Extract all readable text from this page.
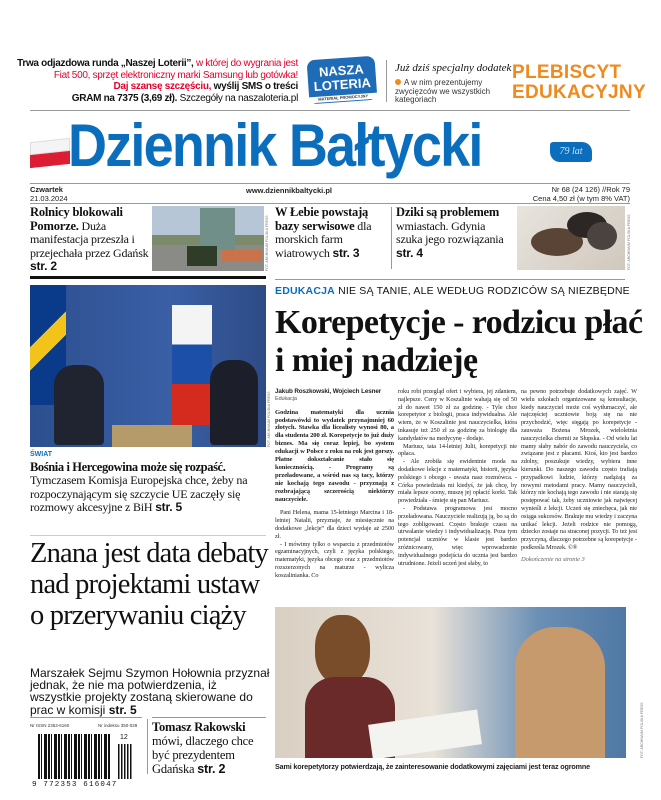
Trwa odjazdowa runda „Naszej Loterii”, w której do wygrania jest
Fiat 500, sprzęt elektroniczny marki Samsung lub gotówka!
Daj szansę szczęściu, wyślij SMS o treści
GRAM na 7375 (3,69 zł). Szczegóły na naszaloteria.pl
NASZA
LOTERIA
MATERIAŁ PROMOCYJNY
Już dziś specjalny dodatek
A w nim prezentujemy zwycięzców we wszystkich kategoriach
PLEBISCYT
EDUKACYJNY
Dziennik Bałtycki	79 lat
Czwartek
21.03.2024
www.dziennikbaltycki.pl	Nr 68 (24 126) //Rok 79
Cena 4,50 zł (w tym 8% VAT)
Rolnicy blokowali Pomorze. Duża manifestacja przeszła i przejechała przez Gdańsk str. 2	FOT. ARCHIWUM POLSKA PRESS
W Łebie powstają bazy serwisowe dla morskich farm wiatrowych str. 3
Dziki są problemem wmiastach. Gdynia szuka jego rozwiązania str. 4	FOT. ARCHIWUM POLSKA PRESS
FOT. ARCHIWUM POLSKA PRESS
ŚWIAT
Bośnia i Hercegowina może się rozpaść.
Tymczasem Komisja Europejska chce, żeby na rozpoczynającym się szczycie UE zaczęły się rozmowy akcesyjne z BiH str. 5
Znana jest data debaty nad projektami ustaw o przerywaniu ciąży
Marszałek Sejmu Szymon Hołownia przyznał jednak, że nie ma potwierdzenia, iż wszystkie projekty zostaną skierowane do prac w komisji str. 5
Nr ISSN 2353-6160	Nr indeksu 350-028
12
9 772353 616047
Tomasz Rakowski
mówi, dlaczego chce być prezydentem Gdańska str. 2
EDUKACJA NIE SĄ TANIE, ALE WEDŁUG RODZICÓW SĄ NIEZBĘDNE
Korepetycje - rodzicu płać i miej nadzieję
Jakub Roszkowski, Wojciech Lesner
Edukacja

Godzina matematyki dla ucznia podstawówki to wydatek przynajmniej 60 złotych. Stawka dla licealisty wynosi 80, a dla studenta 200 zł. Korepetycje to już duży biznes. Ma się coraz lepiej, bo system edukacji w Polsce z roku na rok jest gorszy. Płatne dokształcanie stało się koniecznością. - Programy są przeładowane, a wśród nas są tacy, którzy nie kochają tego zawodu - przyznają z rozbrajającą szczerością niektórzy nauczyciele.

Pani Helena, mama 15-letniego Marcina i 18-letniej Natalii, przyznaje, że miesięcznie na dodatkowe „lekcje” dla dzieci wydaje aż 2500 zł.

- I mówimy tylko o wsparciu z przedmiotów egzaminacyjnych, czyli z języka polskiego, matematyki, języka obcego oraz z przedmiotów rozszerzonych na maturze - wylicza koszalinianka. Co

roku robi przegląd ofert i wybiera, jej zdaniem, najlepsze. Ceny w Koszalinie wahają się od 50 zł do nawet 150 zł za godzinę. - Tyle chce korepetytor z biologii, praca indywidualna. Ale wiem, że w Koszalinie jest nauczycielka, która inkasuje też 250 zł za godzinę za biologię dla kandydatów na medycynę - dodaje.

Mariusz, tata 14-letniej Julii, korepetycji nie opłaca.

- Ale zrobiła się ewidentnie moda na dodatkowe lekcje z matematyki, historii, języka polskiego i obcego - uważa nasz rozmówca. - Córka powiedziała mi kiedyś, że jak chcę, by miała lepsze oceny, muszę jej opłacić korki. Tak powiedziała - śmieje się pan Mariusz.

- Podstawa programowa jest mocno przeładowana. Nauczyciele realizują ją, bo są do tego zobligowani. Często brakuje czasu na utrwalanie wiedzy i indywidualizację. Poza tym potencjał uczniów w klasie jest bardzo zróżnicowany, więc wprowadzenie indywidualnego podejścia do ucznia jest bardzo utrudnione. Jeżeli uczeń jest słaby, to

na pewno potrzebuje dodatkowych zajęć. W wielu szkołach organizowane są konsultacje, kiedy nauczyciel może coś wytłumaczyć, ale najczęściej uczniowie boją się na nie przychodzić, więc sięgają po korepetycje - zauważa Bożena Mrozek, wieloletnia nauczycielka chemii ze Słupska. - Od wielu lat mamy słaby nabór do zawodu nauczyciela, co związane jest z płacami. Ktoś, kto jest bardzo zdolny, poszukuje wiedzy, wybiera inne kierunki. Do naszego zawodu często trafiają przypadkowi ludzie, którzy nadążają za nowymi metodami pracy. Mamy nauczycieli, którzy nie kochają tego zawodu i nie starają się postępować tak, żeby uczniowie jak najwięcej wynieśli z lekcji. Uczeń się zniechęca, jak nie osiąga sukcesów. Brakuje mu wiedzy i zaczyna unikać lekcji. Jeżeli rodzice nie pomogą, dziecko zostaje na straconej pozycji. To też jest przyczyną, dlaczego potrzebne są korepetycje - podkreśla Mrozek. ©®

Dokończenie na stronie 3

FOT. ARCHIWUM POLSKA PRESS
Sami korepetytorzy potwierdzają, że zainteresowanie dodatkowymi zajęciami jest teraz ogromne
